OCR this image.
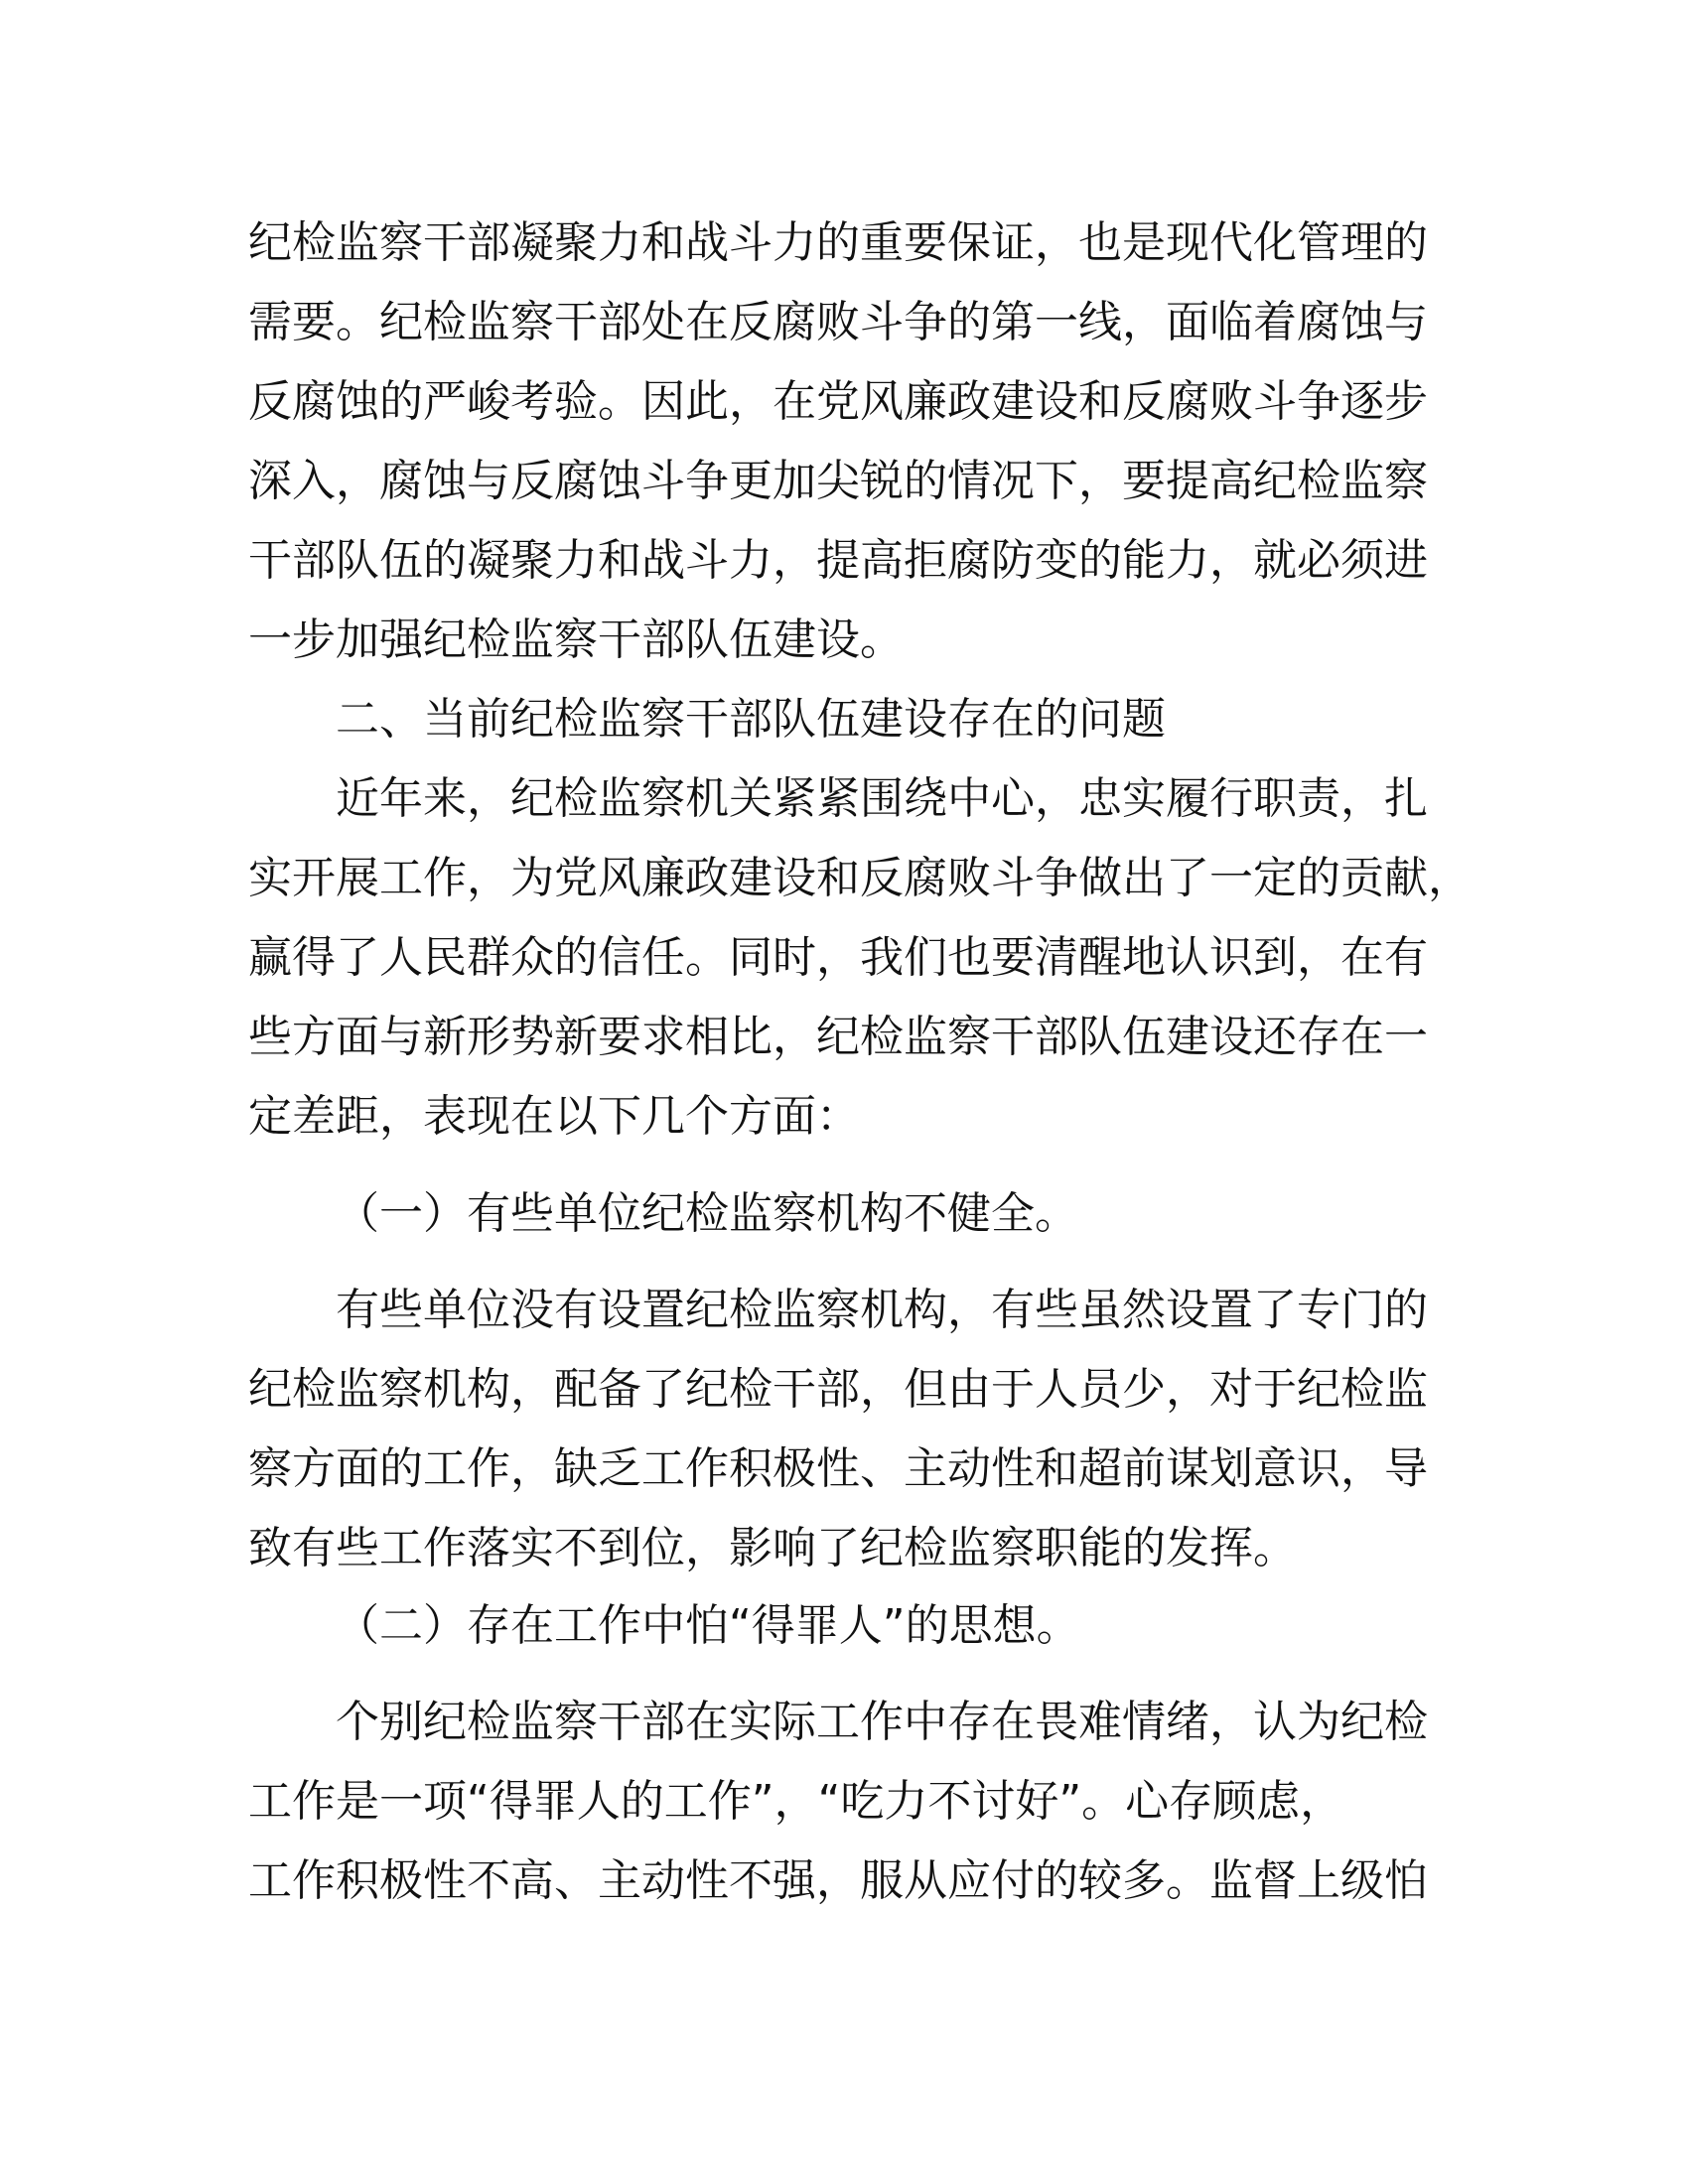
纪检监察干部凝聚力和战斗力的重要保证，也是现代化管理的
需要。纪检监察干部处在反腐败斗争的第一线，面临着腐蚀与
反腐蚀的严峻考验。因此，在党风廉政建设和反腐败斗争逐步
深入，腐蚀与反腐蚀斗争更加尖锐的情况下，要提高纪检监察
干部队伍的凝聚力和战斗力，提高拒腐防变的能力，就必须进
一步加强纪检监察干部队伍建设。
二、当前纪检监察干部队伍建设存在的问题
近年来，纪检监察机关紧紧围绕中心，忠实履行职责，扎
实开展工作，为党风廉政建设和反腐败斗争做出了一定的贡献，
赢得了人民群众的信任。同时，我们也要清醒地认识到，在有
些方面与新形势新要求相比，纪检监察干部队伍建设还存在一
定差距，表现在以下几个方面：
（一）有些单位纪检监察机构不健全。
有些单位没有设置纪检监察机构，有些虽然设置了专门的
纪检监察机构，配备了纪检干部，但由于人员少，对于纪检监
察方面的工作，缺乏工作积极性、主动性和超前谋划意识，导
致有些工作落实不到位，影响了纪检监察职能的发挥。
（二）存在工作中怕“得罪人”的思想。
个别纪检监察干部在实际工作中存在畏难情绪，认为纪检
工作是一项“得罪人的工作”，“吃力不讨好”。心存顾虑，
工作积极性不高、主动性不强，服从应付的较多。监督上级怕
